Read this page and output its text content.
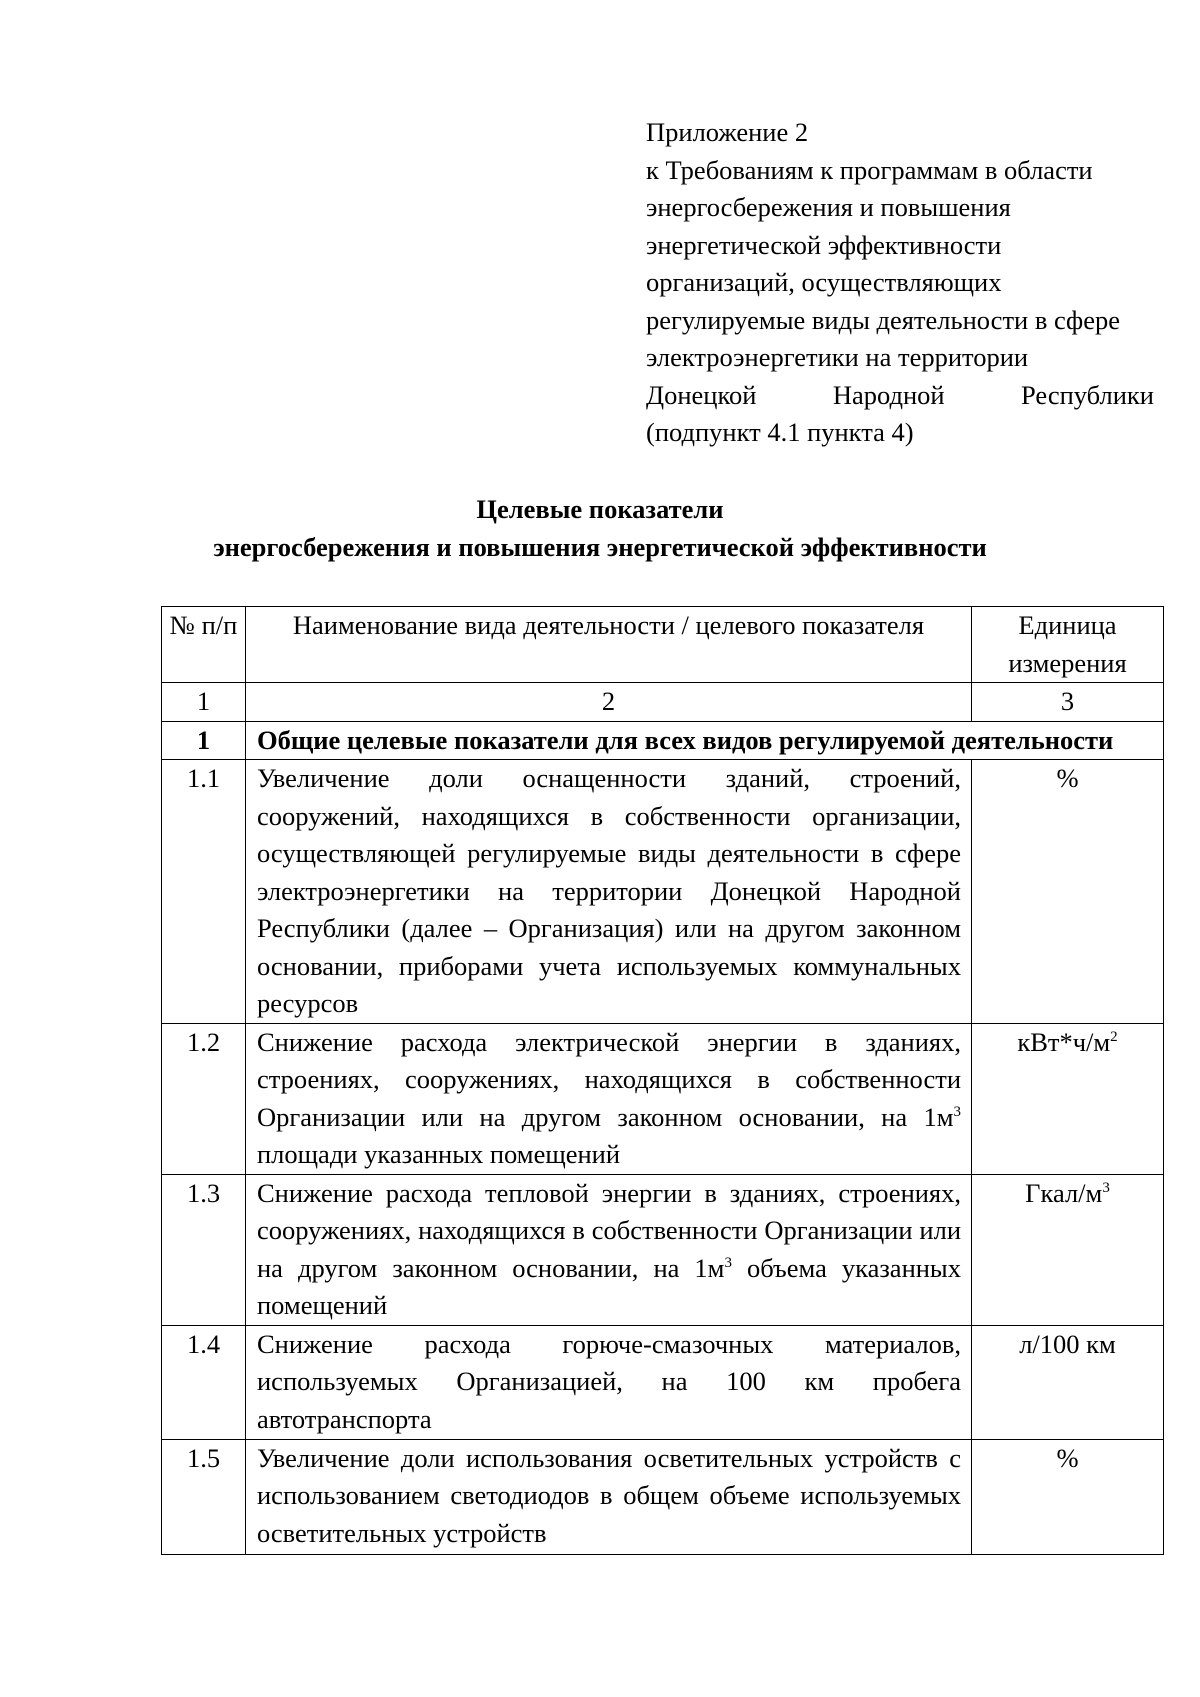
Приложение 2
к Требованиям к программам в области
энергосбережения и повышения
энергетической эффективности
организаций, осуществляющих
регулируемые виды деятельности в сфере
электроэнергетики на территории
Донецкой	Народной	Республики
(подпункт 4.1 пункта 4)
Целевые показатели
энергосбережения и повышения энергетической эффективности
№ п/п	Наименование вида деятельности / целевого показателя	Единица измерения
1	2	3
1	Общие целевые показатели для всех видов регулируемой деятельности	
1.1	Увеличение доли оснащенности зданий, строений, сооружений, находящихся в собственности организации, осуществляющей регулируемые виды деятельности в сфере электроэнергетики на территории Донецкой Народной Республики (далее – Организация) или на другом законном основании, приборами учета используемых коммунальных ресурсов	%
1.2	Снижение расхода электрической энергии в зданиях, строениях, сооружениях, находящихся в собственности Организации или на другом законном основании, на $1м^3$ площади указанных помещений	$кВт*ч/м^2$
1.3	Снижение расхода тепловой энергии в зданиях, строениях, сооружениях, находящихся в собственности Организации или на другом законном основании, на $1м^3$ объема указанных помещений	Гкал/$м^3$
1.4	Снижение расхода горюче-смазочных материалов, используемых Организацией, на 100 км пробега автотранспорта	л/100 км
1.5	Увеличение доли использования осветительных устройств с использованием светодиодов в общем объеме используемых осветительных устройств	%
